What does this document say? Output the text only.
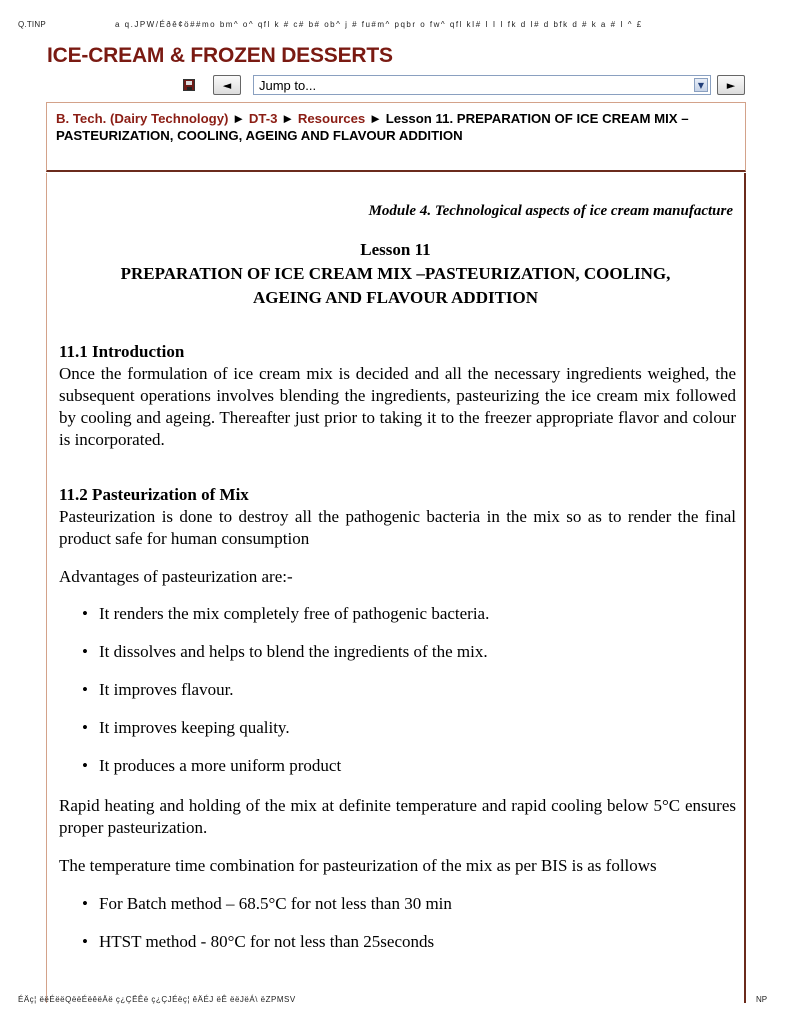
Q.TINP	a q.JPW/Éðê¢ö##mo bm^ o^ qfl k # c# b# ob^ j # fu#m^ pqbr o fw^ qfl kI# I I I fk d I# d bfk d # k a # I ^ £
ICE-CREAM & FROZEN DESSERTS
◄	Jump to...	▼	►
B. Tech. (Dairy Technology) ► DT-3 ► Resources ► Lesson 11. PREPARATION OF ICE CREAM MIX –PASTEURIZATION, COOLING, AGEING AND FLAVOUR ADDITION
Module 4. Technological aspects of ice cream manufacture
Lesson 11
PREPARATION OF ICE CREAM MIX –PASTEURIZATION, COOLING,
AGEING AND FLAVOUR ADDITION
11.1 Introduction

Once the formulation of ice cream mix is decided and all the necessary ingredients weighed, the subsequent operations involves blending the ingredients, pasteurizing the ice cream mix followed by cooling and ageing. Thereafter just prior to taking it to the freezer appropriate flavor and colour is incorporated.

11.2 Pasteurization of Mix

Pasteurization is done to destroy all the pathogenic bacteria in the mix so as to render the final product safe for human consumption

Advantages of pasteurization are:-

• It renders the mix completely free of pathogenic bacteria.
• It dissolves and helps to blend the ingredients of the mix.
• It improves flavour.
• It improves keeping quality.
• It produces a more uniform product

Rapid heating and holding of the mix at definite temperature and rapid cooling below 5°C ensures proper pasteurization.

The temperature time combination for pasteurization of the mix as per BIS is as follows

• For Batch method – 68.5°C for not less than 30 min
• HTST method - 80°C for not less than 25seconds
ÉÄç¦ ëëÉëëQëëÉëêëÄë ç¿ÇËÊë ç¿ÇJÉëç¦ êÄÉJ ëÊ ëëJëÁ\ ëZPMSV	NP
